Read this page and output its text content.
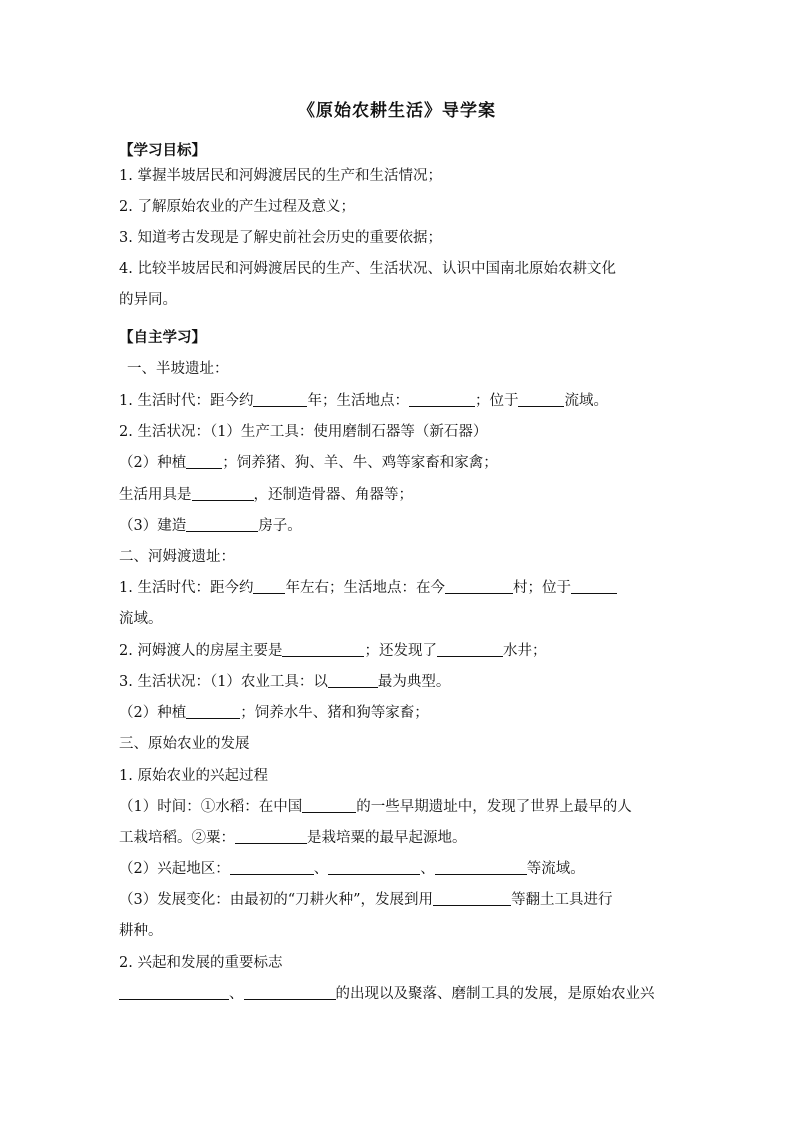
《原始农耕生活》导学案
【学习目标】
1. 掌握半坡居民和河姆渡居民的生产和生活情况；
2. 了解原始农业的产生过程及意义；
3. 知道考古发现是了解史前社会历史的重要依据；
4. 比较半坡居民和河姆渡居民的生产、生活状况、认识中国南北原始农耕文化
的异同。
【自主学习】
一、半坡遗址：
1. 生活时代：距今约	年；生活地点：	；位于	流域。
2. 生活状况：（1）生产工具：使用磨制石器等（新石器）
（2）种植 ；饲养猪、狗、羊、牛、鸡等家畜和家禽；
生活用具是	，还制造骨器、角器等；
（3）建造	房子。
二、河姆渡遗址：
1. 生活时代：距今约 年左右；生活地点：在今	村；位于
流域。
2. 河姆渡人的房屋主要是	；还发现了	水井；
3. 生活状况：（1）农业工具：以	最为典型。
（2）种植	；饲养水牛、猪和狗等家畜；
三、原始农业的发展
1. 原始农业的兴起过程
（1）时间：①水稻：在中国	的一些早期遗址中，发现了世界上最早的人
工栽培稻。②粟：	是栽培粟的最早起源地。
（2）兴起地区：	、	、	等流域。
（3）发展变化：由最初的“刀耕火种”，发展到用	等翻土工具进行
耕种。
2. 兴起和发展的重要标志
、	的出现以及聚落、磨制工具的发展，是原始农业兴
